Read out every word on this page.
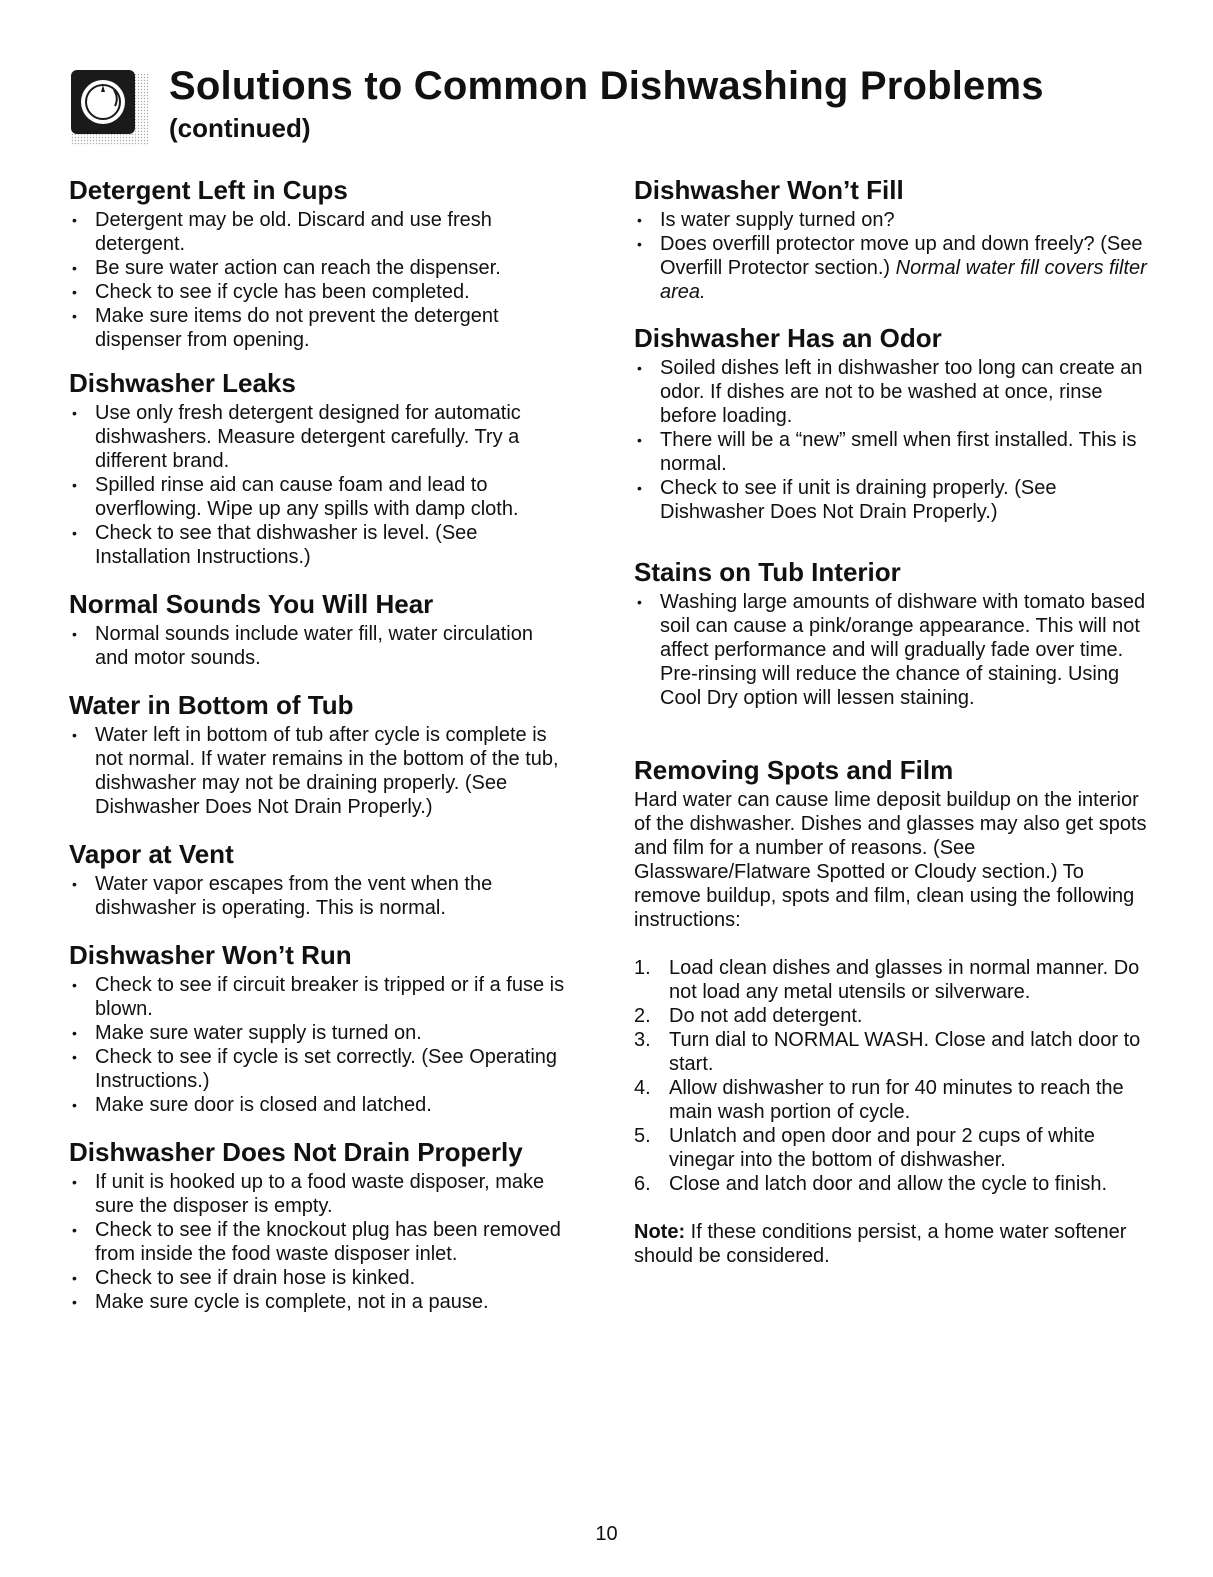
Solutions to Common Dishwashing Problems
(continued)
Detergent Left in Cups
• Detergent may be old. Discard and use fresh detergent.
• Be sure water action can reach the dispenser.
• Check to see if cycle has been completed.
• Make sure items do not prevent the detergent dispenser from opening.
Dishwasher Leaks
• Use only fresh detergent designed for automatic dishwashers. Measure detergent carefully. Try a different brand.
• Spilled rinse aid can cause foam and lead to overflowing. Wipe up any spills with damp cloth.
• Check to see that dishwasher is level. (See Installation Instructions.)
Normal Sounds You Will Hear
• Normal sounds include water fill, water circulation and motor sounds.
Water in Bottom of Tub
• Water left in bottom of tub after cycle is complete is not normal. If water remains in the bottom of the tub, dishwasher may not be draining properly. (See Dishwasher Does Not Drain Properly.)
Vapor at Vent
• Water vapor escapes from the vent when the dishwasher is operating. This is normal.
Dishwasher Won’t Run
• Check to see if circuit breaker is tripped or if a fuse is blown.
• Make sure water supply is turned on.
• Check to see if cycle is set correctly. (See Operating Instructions.)
• Make sure door is closed and latched.
Dishwasher Does Not Drain Properly
• If unit is hooked up to a food waste disposer, make sure the disposer is empty.
• Check to see if the knockout plug has been removed from inside the food waste disposer inlet.
• Check to see if drain hose is kinked.
• Make sure cycle is complete, not in a pause.
Dishwasher Won’t Fill
• Is water supply turned on?
• Does overfill protector move up and down freely? (See Overfill Protector section.) Normal water fill covers filter area.
Dishwasher Has an Odor
• Soiled dishes left in dishwasher too long can create an odor. If dishes are not to be washed at once, rinse before loading.
• There will be a “new” smell when first installed. This is normal.
• Check to see if unit is draining properly. (See Dishwasher Does Not Drain Properly.)
Stains on Tub Interior
• Washing large amounts of dishware with tomato based soil can cause a pink/orange appearance. This will not affect performance and will gradually fade over time. Pre-rinsing will reduce the chance of staining. Using Cool Dry option will lessen staining.
Removing Spots and Film

Hard water can cause lime deposit buildup on the interior of the dishwasher. Dishes and glasses may also get spots and film for a number of reasons. (See Glassware/Flatware Spotted or Cloudy section.) To remove buildup, spots and film, clean using the following instructions:

1. Load clean dishes and glasses in normal manner. Do not load any metal utensils or silverware.
2. Do not add detergent.
3. Turn dial to NORMAL WASH. Close and latch door to start.
4. Allow dishwasher to run for 40 minutes to reach the main wash portion of cycle.
5. Unlatch and open door and pour 2 cups of white vinegar into the bottom of dishwasher.
6. Close and latch door and allow the cycle to finish.

Note: If these conditions persist, a home water softener should be considered.

10
